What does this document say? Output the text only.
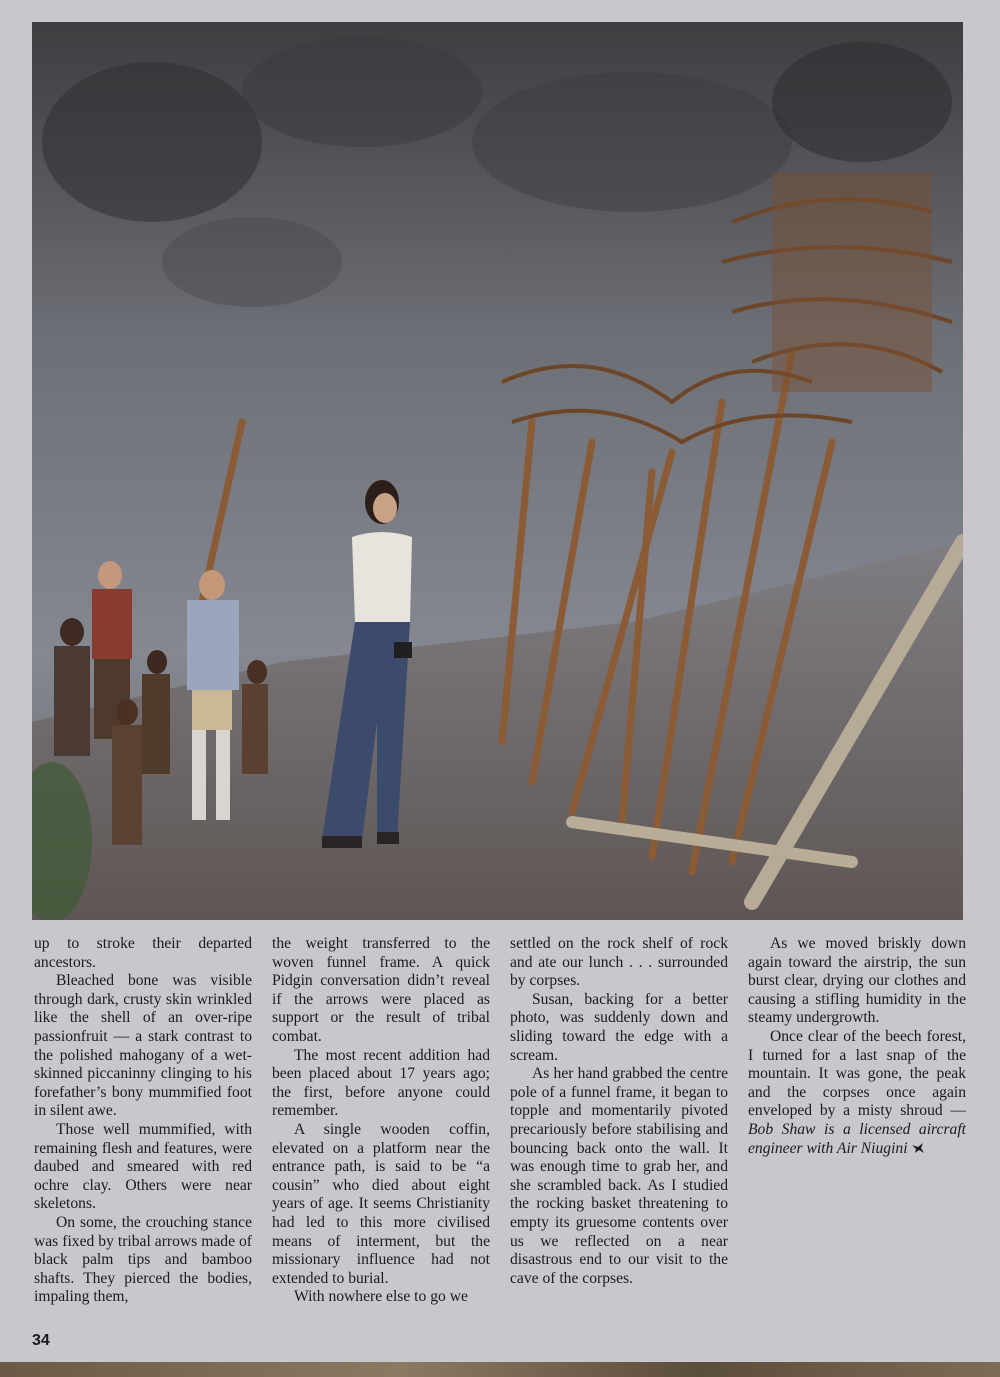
up to stroke their departed ancestors.

Bleached bone was visible through dark, crusty skin wrinkled like the shell of an over-ripe passionfruit — a stark contrast to the polished mahogany of a wet-skinned piccaninny clinging to his forefather’s bony mummified foot in silent awe.

Those well mummified, with remaining flesh and features, were daubed and smeared with red ochre clay. Others were near skeletons.

On some, the crouching stance was fixed by tribal arrows made of black palm tips and bamboo shafts. They pierced the bodies, impaling them,

the weight transferred to the woven funnel frame. A quick Pidgin conversation didn’t reveal if the arrows were placed as support or the result of tribal combat.

The most recent addition had been placed about 17 years ago; the first, before anyone could remember.

A single wooden coffin, elevated on a platform near the entrance path, is said to be “a cousin” who died about eight years of age. It seems Christianity had led to this more civilised means of interment, but the missionary influence had not extended to burial.

With nowhere else to go we

settled on the rock shelf of rock and ate our lunch . . . surrounded by corpses.

Susan, backing for a better photo, was suddenly down and sliding toward the edge with a scream.

As her hand grabbed the centre pole of a funnel frame, it began to topple and momentarily pivoted precariously before stabilising and bouncing back onto the wall. It was enough time to grab her, and she scrambled back. As I studied the rocking basket threatening to empty its gruesome contents over us we reflected on a near disastrous end to our visit to the cave of the corpses.

As we moved briskly down again toward the airstrip, the sun burst clear, drying our clothes and causing a stifling humidity in the steamy undergrowth.

Once clear of the beech forest, I turned for a last snap of the mountain. It was gone, the peak and the corpses once again enveloped by a misty shroud — Bob Shaw is a licensed aircraft engineer with Air Niugini

34
